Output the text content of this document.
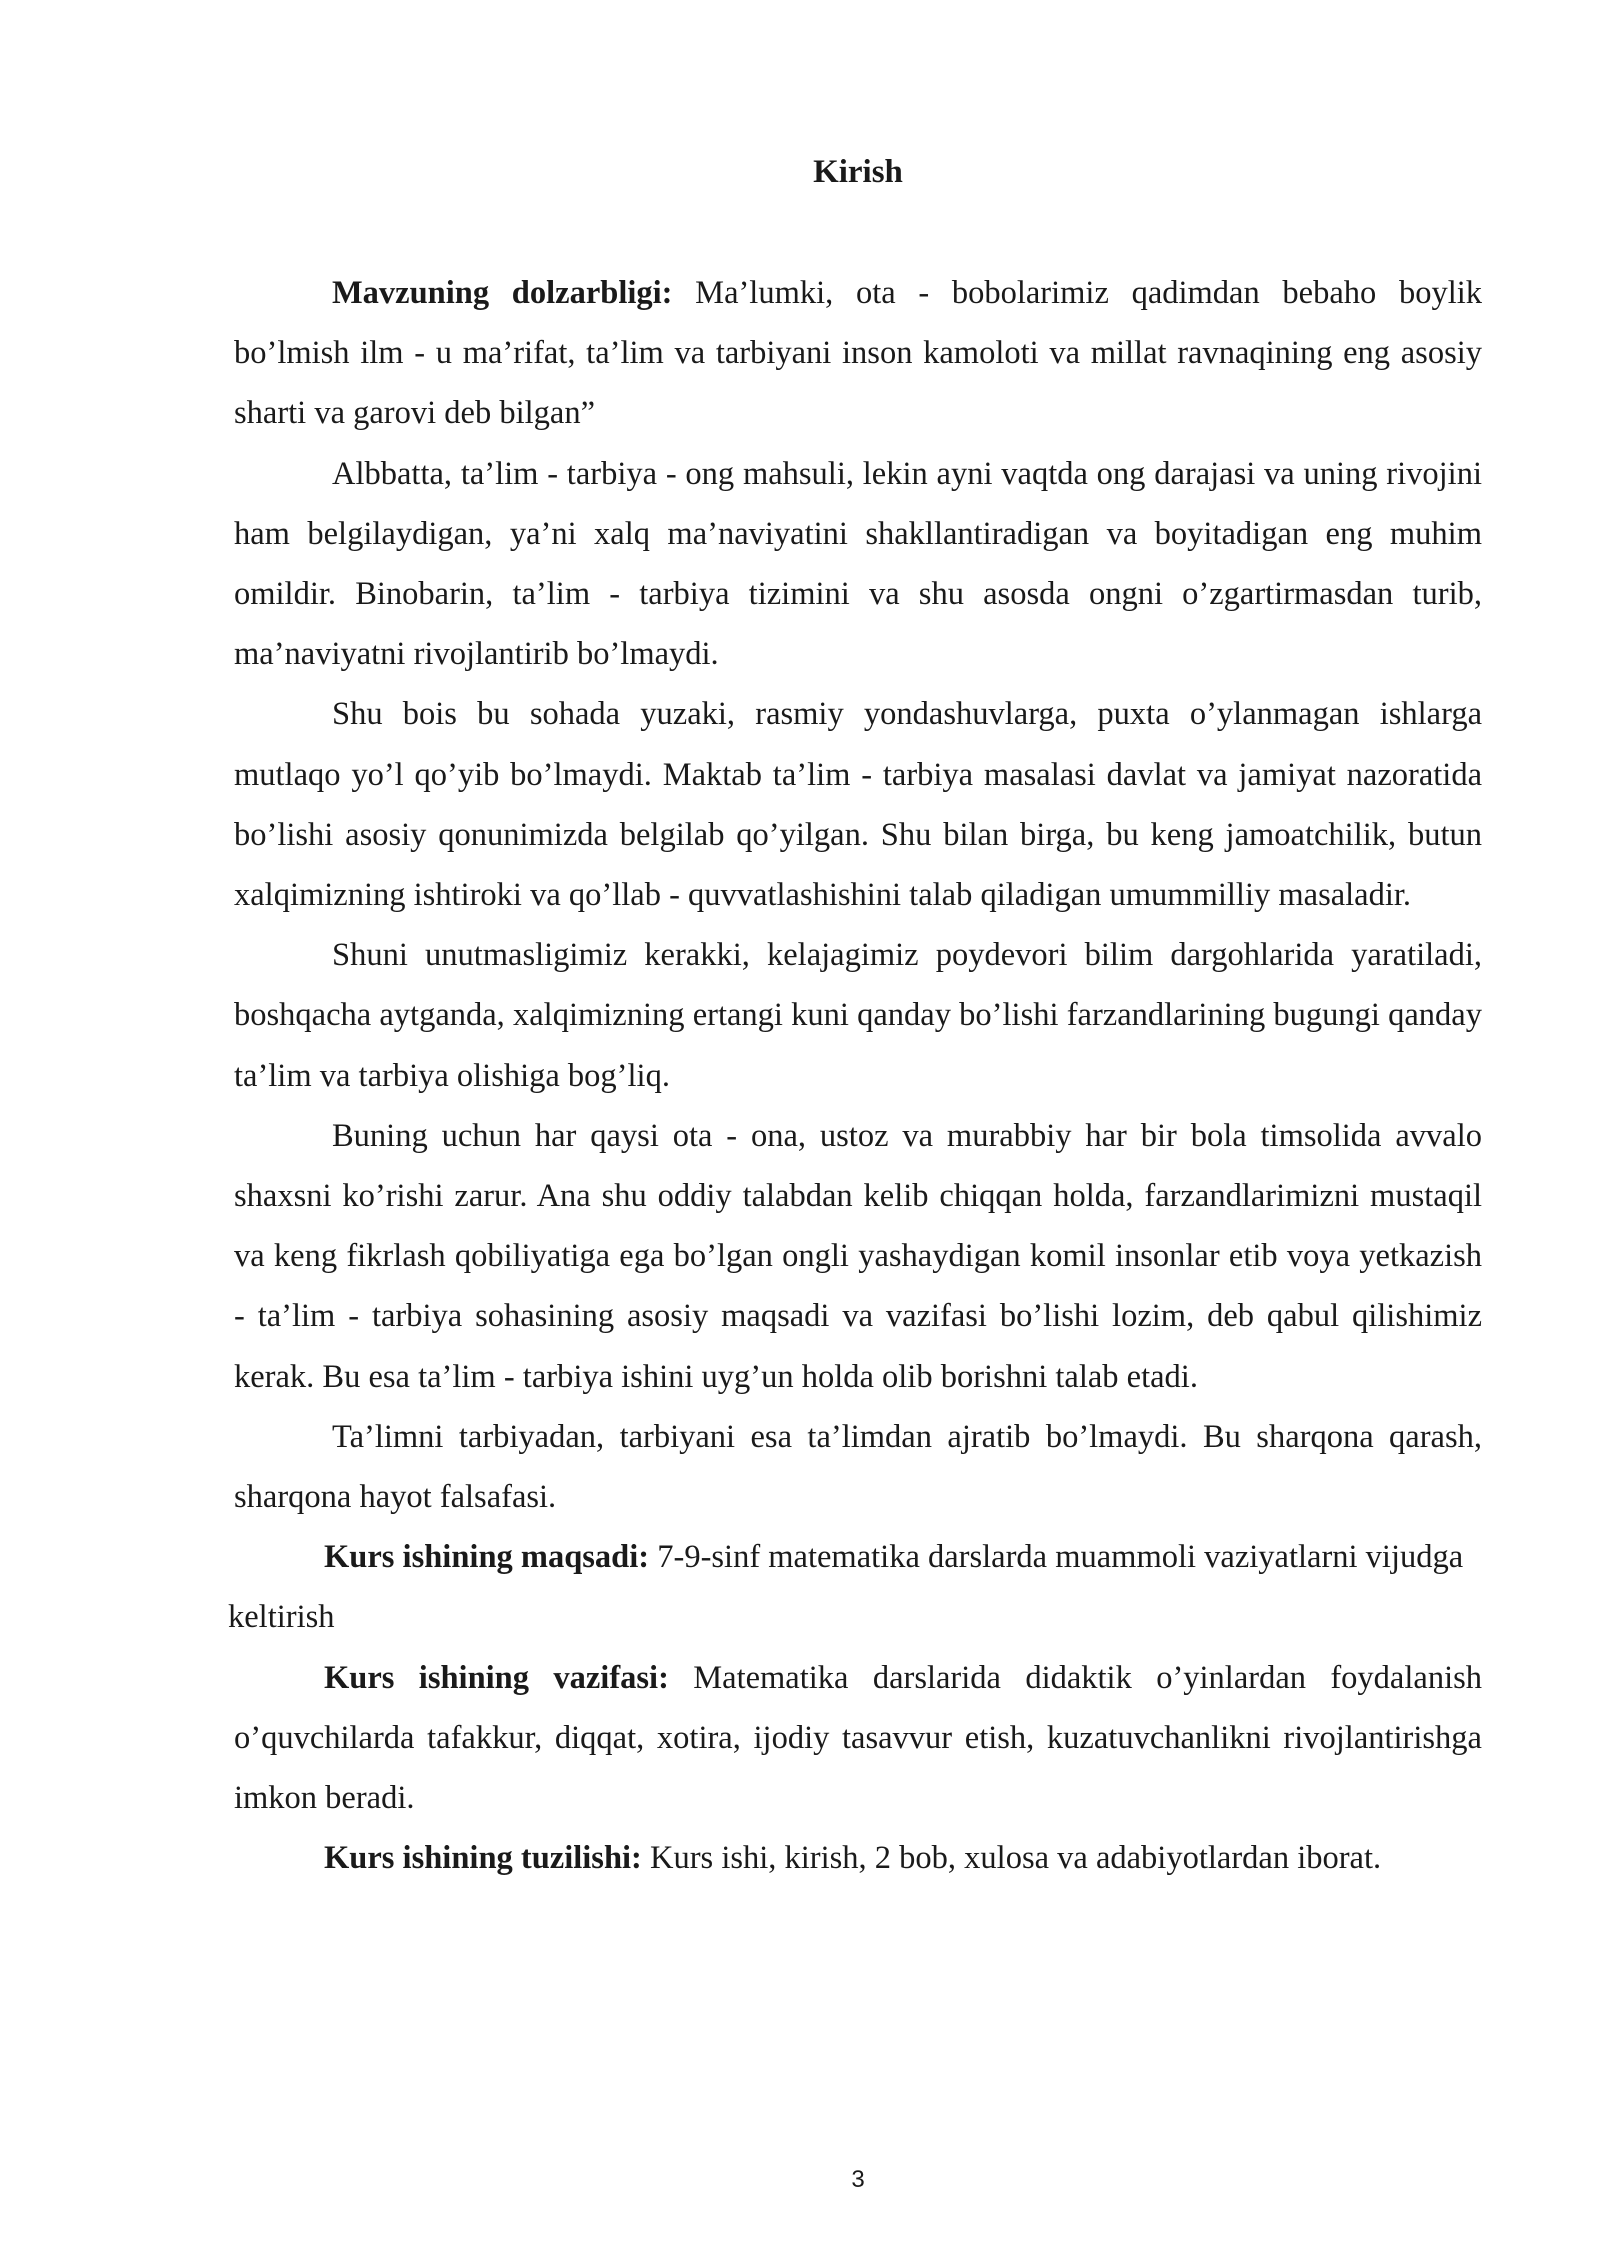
Kirish

Mavzuning dolzarbligi: Ma’lumki, ota - bobolarimiz qadimdan bebaho boylik bo’lmish ilm - u ma’rifat, ta’lim va tarbiyani inson kamoloti va millat ravnaqining eng asosiy sharti va garovi deb bilgan”

Albbatta, ta’lim - tarbiya - ong mahsuli, lekin ayni vaqtda ong darajasi va uning rivojini ham belgilaydigan, ya’ni xalq ma’naviyatini shakllantiradigan va boyitadigan eng muhim omildir. Binobarin, ta’lim - tarbiya tizimini va shu asosda ongni o’zgartirmasdan turib, ma’naviyatni rivojlantirib bo’lmaydi.

Shu bois bu sohada yuzaki, rasmiy yondashuvlarga, puxta o’ylanmagan ishlarga mutlaqo yo’l qo’yib bo’lmaydi. Maktab ta’lim - tarbiya masalasi davlat va jamiyat nazoratida bo’lishi asosiy qonunimizda belgilab qo’yilgan. Shu bilan birga, bu keng jamoatchilik, butun xalqimizning ishtiroki va qo’llab - quvvatlashishini talab qiladigan umummilliy masaladir.

Shuni unutmasligimiz kerakki, kelajagimiz poydevori bilim dargohlarida yaratiladi, boshqacha aytganda, xalqimizning ertangi kuni qanday bo’lishi farzandlarining bugungi qanday ta’lim va tarbiya olishiga bog’liq.

Buning uchun har qaysi ota - ona, ustoz va murabbiy har bir bola timsolida avvalo shaxsni ko’rishi zarur. Ana shu oddiy talabdan kelib chiqqan holda, farzandlarimizni mustaqil va keng fikrlash qobiliyatiga ega bo’lgan ongli yashaydigan komil insonlar etib voya yetkazish - ta’lim - tarbiya sohasining asosiy maqsadi va vazifasi bo’lishi lozim, deb qabul qilishimiz kerak. Bu esa ta’lim - tarbiya ishini uyg’un holda olib borishni talab etadi.

Ta’limni tarbiyadan, tarbiyani esa ta’limdan ajratib bo’lmaydi. Bu sharqona qarash, sharqona hayot falsafasi.

Kurs ishining maqsadi: 7-9-sinf matematika darslarda muammoli vaziyatlarni vijudga keltirish

Kurs ishining vazifasi: Matematika darslarida didaktik o’yinlardan foydalanish o’quvchilarda tafakkur, diqqat, xotira, ijodiy tasavvur etish, kuzatuvchanlikni rivojlantirishga imkon beradi.

Kurs ishining tuzilishi: Kurs ishi, kirish, 2 bob, xulosa va adabiyotlardan iborat.

3
